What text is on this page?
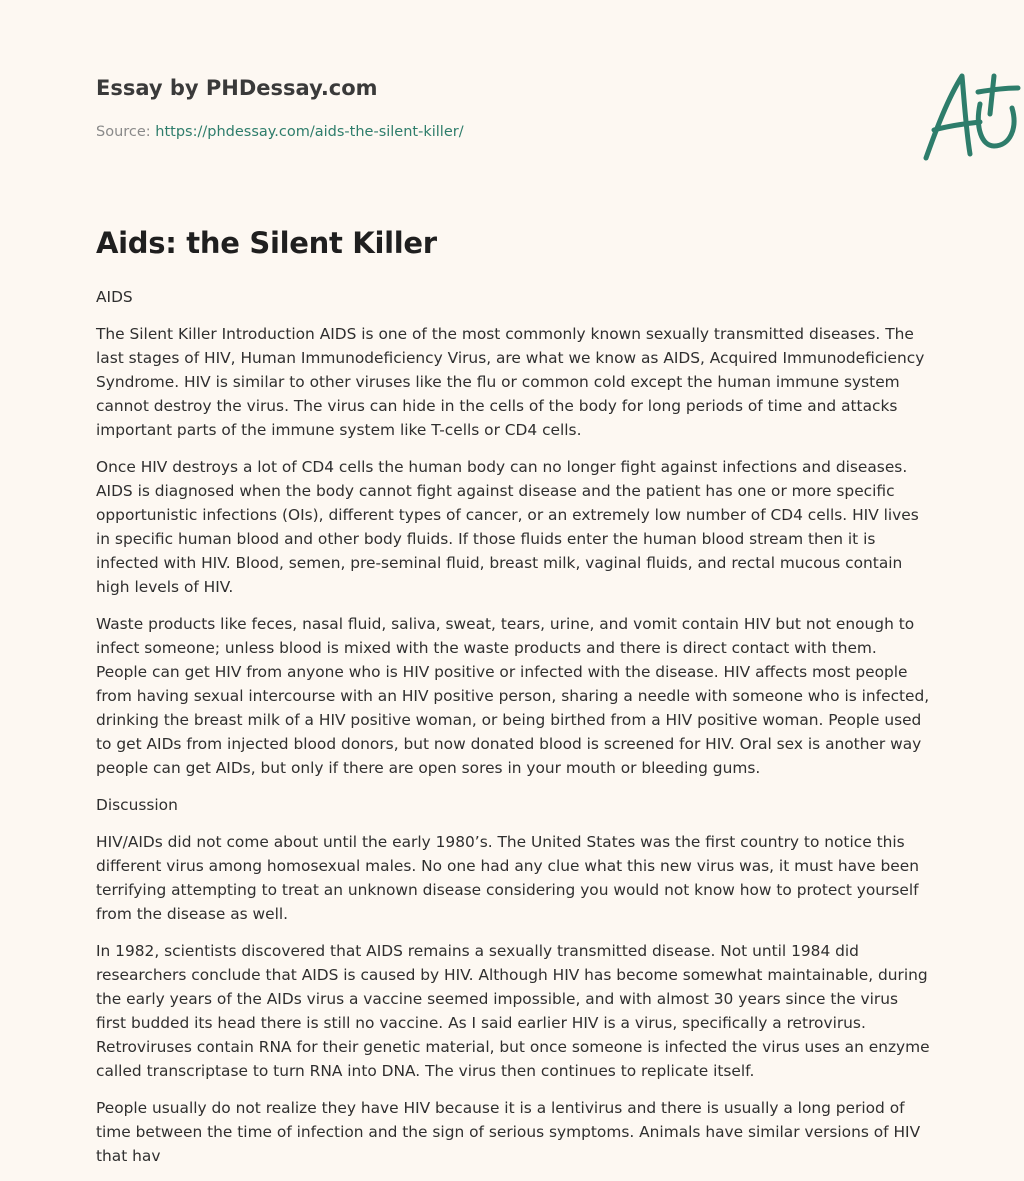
Essay by PHDessay.com

Source: https://phdessay.com/aids-the-silent-killer/

Aids: the Silent Killer

AIDS

The Silent Killer Introduction AIDS is one of the most commonly known sexually transmitted diseases. The last stages of HIV, Human Immunodeficiency Virus, are what we know as AIDS, Acquired Immunodeficiency Syndrome. HIV is similar to other viruses like the flu or common cold except the human immune system cannot destroy the virus. The virus can hide in the cells of the body for long periods of time and attacks important parts of the immune system like T-cells or CD4 cells.

Once HIV destroys a lot of CD4 cells the human body can no longer fight against infections and diseases. AIDS is diagnosed when the body cannot fight against disease and the patient has one or more specific opportunistic infections (OIs), different types of cancer, or an extremely low number of CD4 cells. HIV lives in specific human blood and other body fluids. If those fluids enter the human blood stream then it is infected with HIV. Blood, semen, pre-seminal fluid, breast milk, vaginal fluids, and rectal mucous contain high levels of HIV.

Waste products like feces, nasal fluid, saliva, sweat, tears, urine, and vomit contain HIV but not enough to infect someone; unless blood is mixed with the waste products and there is direct contact with them. People can get HIV from anyone who is HIV positive or infected with the disease. HIV affects most people from having sexual intercourse with an HIV positive person, sharing a needle with someone who is infected, drinking the breast milk of a HIV positive woman, or being birthed from a HIV positive woman. People used to get AIDs from injected blood donors, but now donated blood is screened for HIV. Oral sex is another way people can get AIDs, but only if there are open sores in your mouth or bleeding gums.

Discussion

HIV/AIDs did not come about until the early 1980’s. The United States was the first country to notice this different virus among homosexual males. No one had any clue what this new virus was, it must have been terrifying attempting to treat an unknown disease considering you would not know how to protect yourself from the disease as well.

In 1982, scientists discovered that AIDS remains a sexually transmitted disease. Not until 1984 did researchers conclude that AIDS is caused by HIV. Although HIV has become somewhat maintainable, during the early years of the AIDs virus a vaccine seemed impossible, and with almost 30 years since the virus first budded its head there is still no vaccine. As I said earlier HIV is a virus, specifically a retrovirus. Retroviruses contain RNA for their genetic material, but once someone is infected the virus uses an enzyme called transcriptase to turn RNA into DNA. The virus then continues to replicate itself.

People usually do not realize they have HIV because it is a lentivirus and there is usually a long period of time between the time of infection and the sign of serious symptoms. Animals have similar versions of HIV that hav
